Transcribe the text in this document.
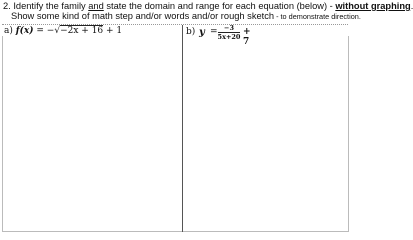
2. Identify the family and state the domain and range for each equation (below) - without graphing
Show some kind of math step and/or words and/or rough sketch - to demonstrate direction.
a) f(x) = −√−2x + 16 + 1	b) y = −3
5x+20 + 7
